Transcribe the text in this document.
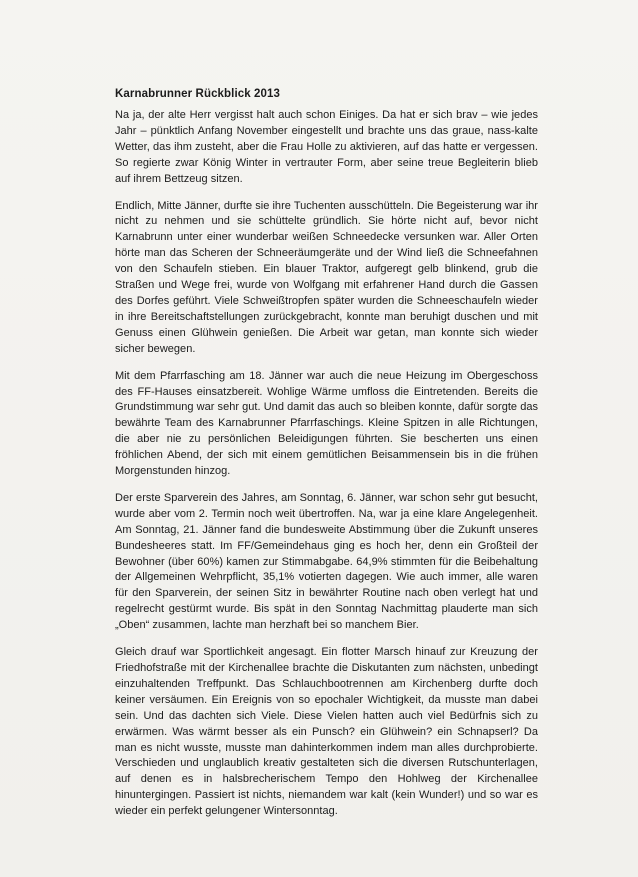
Karnabrunner Rückblick 2013

Na ja, der alte Herr vergisst halt auch schon Einiges. Da hat er sich brav – wie jedes Jahr – pünktlich Anfang November eingestellt und brachte uns das graue, nass-kalte Wetter, das ihm zusteht, aber die Frau Holle zu aktivieren, auf das hatte er vergessen. So regierte zwar König Winter in vertrauter Form, aber seine treue Begleiterin blieb auf ihrem Bettzeug sitzen.

Endlich, Mitte Jänner, durfte sie ihre Tuchenten ausschütteln. Die Begeisterung war ihr nicht zu nehmen und sie schüttelte gründlich. Sie hörte nicht auf, bevor nicht Karnabrunn unter einer wunderbar weißen Schneedecke versunken war. Aller Orten hörte man das Scheren der Schneeräumgeräte und der Wind ließ die Schneefahnen von den Schaufeln stieben. Ein blauer Traktor, aufgeregt gelb blinkend, grub die Straßen und Wege frei, wurde von Wolfgang mit erfahrener Hand durch die Gassen des Dorfes geführt. Viele Schweißtropfen später wurden die Schneeschaufeln wieder in ihre Bereitschaftstellungen zurückgebracht, konnte man beruhigt duschen und mit Genuss einen Glühwein genießen. Die Arbeit war getan, man konnte sich wieder sicher bewegen.

Mit dem Pfarrfasching am 18. Jänner war auch die neue Heizung im Obergeschoss des FF-Hauses einsatzbereit. Wohlige Wärme umfloss die Eintretenden. Bereits die Grundstimmung war sehr gut. Und damit das auch so bleiben konnte, dafür sorgte das bewährte Team des Karnabrunner Pfarrfaschings. Kleine Spitzen in alle Richtungen, die aber nie zu persönlichen Beleidigungen führten. Sie bescherten uns einen fröhlichen Abend, der sich mit einem gemütlichen Beisammensein bis in die frühen Morgenstunden hinzog.

Der erste Sparverein des Jahres, am Sonntag, 6. Jänner, war schon sehr gut besucht, wurde aber vom 2. Termin noch weit übertroffen. Na, war ja eine klare Angelegenheit. Am Sonntag, 21. Jänner fand die bundesweite Abstimmung über die Zukunft unseres Bundesheeres statt. Im FF/Gemeindehaus ging es hoch her, denn ein Großteil der Bewohner (über 60%) kamen zur Stimmabgabe. 64,9% stimmten für die Beibehaltung der Allgemeinen Wehrpflicht, 35,1% votierten dagegen. Wie auch immer, alle waren für den Sparverein, der seinen Sitz in bewährter Routine nach oben verlegt hat und regelrecht gestürmt wurde. Bis spät in den Sonntag Nachmittag plauderte man sich „Oben“ zusammen, lachte man herzhaft bei so manchem Bier.

Gleich drauf war Sportlichkeit angesagt. Ein flotter Marsch hinauf zur Kreuzung der Friedhofstraße mit der Kirchenallee brachte die Diskutanten zum nächsten, unbedingt einzuhaltenden Treffpunkt. Das Schlauchbootrennen am Kirchenberg durfte doch keiner versäumen. Ein Ereignis von so epochaler Wichtigkeit, da musste man dabei sein. Und das dachten sich Viele. Diese Vielen hatten auch viel Bedürfnis sich zu erwärmen. Was wärmt besser als ein Punsch? ein Glühwein? ein Schnapserl? Da man es nicht wusste, musste man dahinterkommen indem man alles durchprobierte. Verschieden und unglaublich kreativ gestalteten sich die diversen Rutschunterlagen, auf denen es in halsbrecherischem Tempo den Hohlweg der Kirchenallee hinuntergingen. Passiert ist nichts, niemandem war kalt (kein Wunder!) und so war es wieder ein perfekt gelungener Wintersonntag.
